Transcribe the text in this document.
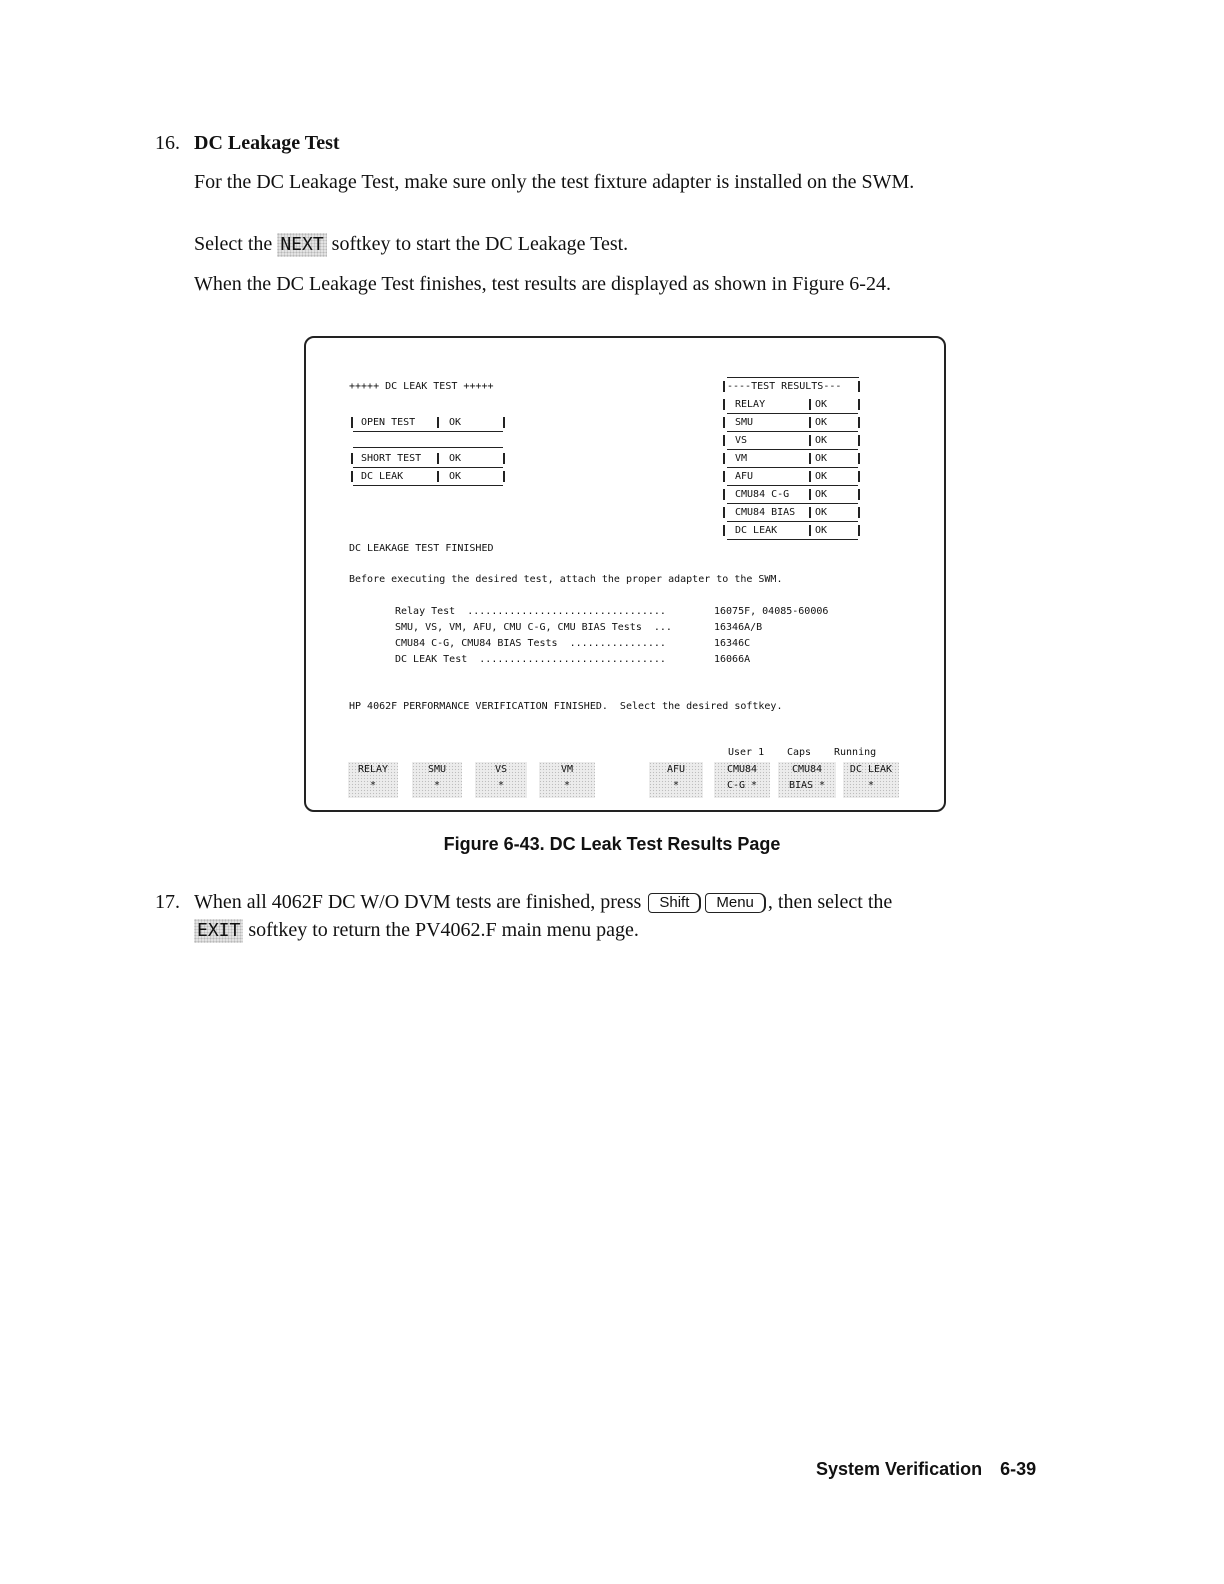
16. DC Leakage Test
For the DC Leakage Test, make sure only the test fixture adapter is installed on the SWM.
Select the NEXT softkey to start the DC Leakage Test.
When the DC Leakage Test finishes, test results are displayed as shown in Figure 6-24.
+++++ DC LEAK TEST +++++
OPEN TEST	OK
SHORT TEST	OK
DC LEAK	OK
----TEST RESULTS---
RELAY	OK
SMU	OK
VS	OK
VM	OK
AFU	OK
CMU84 C-G	OK
CMU84 BIAS OK
DC LEAK	OK
DC LEAKAGE TEST FINISHED
Before executing the desired test, attach the proper adapter to the SWM.
Relay Test  .................................	16075F, 04085-60006
SMU, VS, VM, AFU, CMU C-G, CMU BIAS Tests  ...	16346A/B
CMU84 C-G, CMU84 BIAS Tests  ................	16346C
DC LEAK Test  ...............................	16066A
HP 4062F PERFORMANCE VERIFICATION FINISHED.  Select the desired softkey.
User 1 Caps Running
RELAY
*
SMU
*
VS
*
VM
*
AFU
*
CMU84
C-G *
CMU84
BIAS *
DC LEAK
*
Figure 6-43. DC Leak Test Results Page
17. When all 4062F DC W/O DVM tests are finished, press Shift Menu , then select the
EXIT softkey to return the PV4062.F main menu page.
System Verification 6-39
